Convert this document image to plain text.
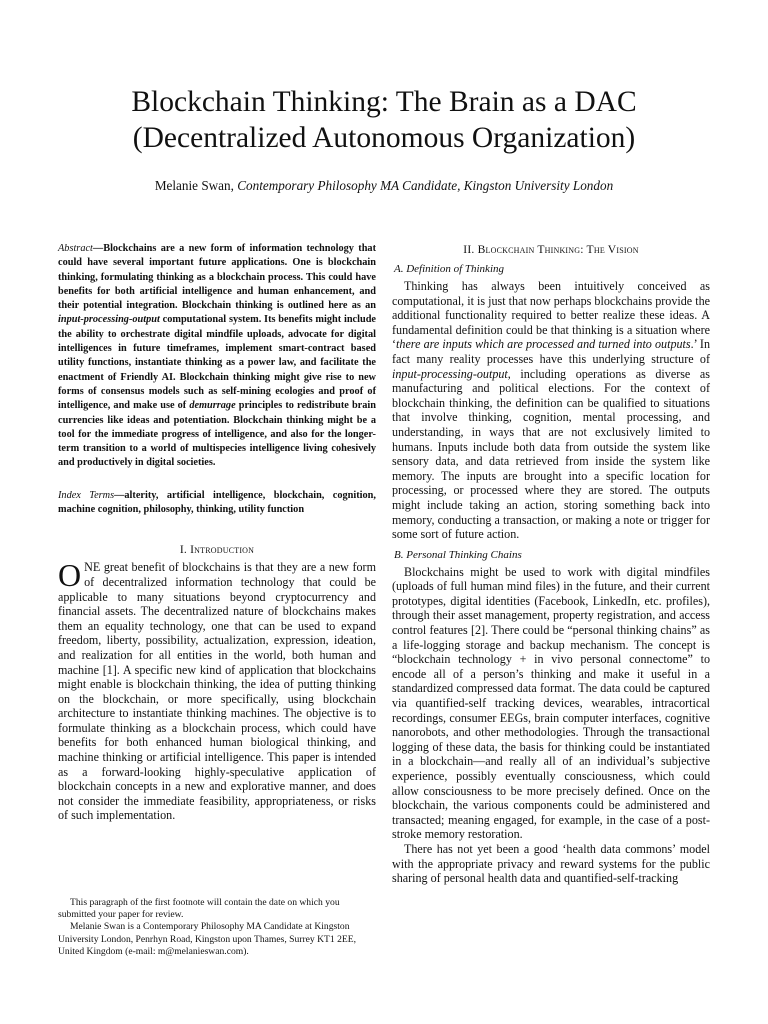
Blockchain Thinking: The Brain as a DAC
(Decentralized Autonomous Organization)
Melanie Swan, Contemporary Philosophy MA Candidate, Kingston University London

Abstract—Blockchains are a new form of information technology that could have several important future applications. One is blockchain thinking, formulating thinking as a blockchain process. This could have benefits for both artificial intelligence and human enhancement, and their potential integration. Blockchain thinking is outlined here as an input-processing-output computational system. Its benefits might include the ability to orchestrate digital mindfile uploads, advocate for digital intelligences in future timeframes, implement smart-contract based utility functions, instantiate thinking as a power law, and facilitate the enactment of Friendly AI. Blockchain thinking might give rise to new forms of consensus models such as self-mining ecologies and proof of intelligence, and make use of demurrage principles to redistribute brain currencies like ideas and potentiation. Blockchain thinking might be a tool for the immediate progress of intelligence, and also for the longer-term transition to a world of multispecies intelligence living cohesively and productively in digital societies.

Index Terms—alterity, artificial intelligence, blockchain, cognition, machine cognition, philosophy, thinking, utility function

I. Introduction

ONE great benefit of blockchains is that they are a new form of decentralized information technology that could be applicable to many situations beyond cryptocurrency and financial assets. The decentralized nature of blockchains makes them an equality technology, one that can be used to expand freedom, liberty, possibility, actualization, expression, ideation, and realization for all entities in the world, both human and machine [1]. A specific new kind of application that blockchains might enable is blockchain thinking, the idea of putting thinking on the blockchain, or more specifically, using blockchain architecture to instantiate thinking machines. The objective is to formulate thinking as a blockchain process, which could have benefits for both enhanced human biological thinking, and machine thinking or artificial intelligence. This paper is intended as a forward-looking highly-speculative application of blockchain concepts in a new and explorative manner, and does not consider the immediate feasibility, appropriateness, or risks of such implementation.

This paragraph of the first footnote will contain the date on which you submitted your paper for review.

Melanie Swan is a Contemporary Philosophy MA Candidate at Kingston University London, Penrhyn Road, Kingston upon Thames, Surrey KT1 2EE, United Kingdom (e-mail: m@melanieswan.com).

II. Blockchain Thinking: The Vision
A. Definition of Thinking

Thinking has always been intuitively conceived as computational, it is just that now perhaps blockchains provide the additional functionality required to better realize these ideas. A fundamental definition could be that thinking is a situation where ‘there are inputs which are processed and turned into outputs.’ In fact many reality processes have this underlying structure of input-processing-output, including operations as diverse as manufacturing and political elections. For the context of blockchain thinking, the definition can be qualified to situations that involve thinking, cognition, mental processing, and understanding, in ways that are not exclusively limited to humans. Inputs include both data from outside the system like sensory data, and data retrieved from inside the system like memory. The inputs are brought into a specific location for processing, or processed where they are stored. The outputs might include taking an action, storing something back into memory, conducting a transaction, or making a note or trigger for some sort of future action.

B. Personal Thinking Chains

Blockchains might be used to work with digital mindfiles (uploads of full human mind files) in the future, and their current prototypes, digital identities (Facebook, LinkedIn, etc. profiles), through their asset management, property registration, and access control features [2]. There could be “personal thinking chains” as a life-logging storage and backup mechanism. The concept is “blockchain technology + in vivo personal connectome” to encode all of a person’s thinking and make it useful in a standardized compressed data format. The data could be captured via quantified-self tracking devices, wearables, intracortical recordings, consumer EEGs, brain computer interfaces, cognitive nanorobots, and other methodologies. Through the transactional logging of these data, the basis for thinking could be instantiated in a blockchain—and really all of an individual’s subjective experience, possibly eventually consciousness, which could allow consciousness to be more precisely defined. Once on the blockchain, the various components could be administered and transacted; meaning engaged, for example, in the case of a post-stroke memory restoration.

There has not yet been a good ‘health data commons’ model with the appropriate privacy and reward systems for the public sharing of personal health data and quantified-self-tracking
